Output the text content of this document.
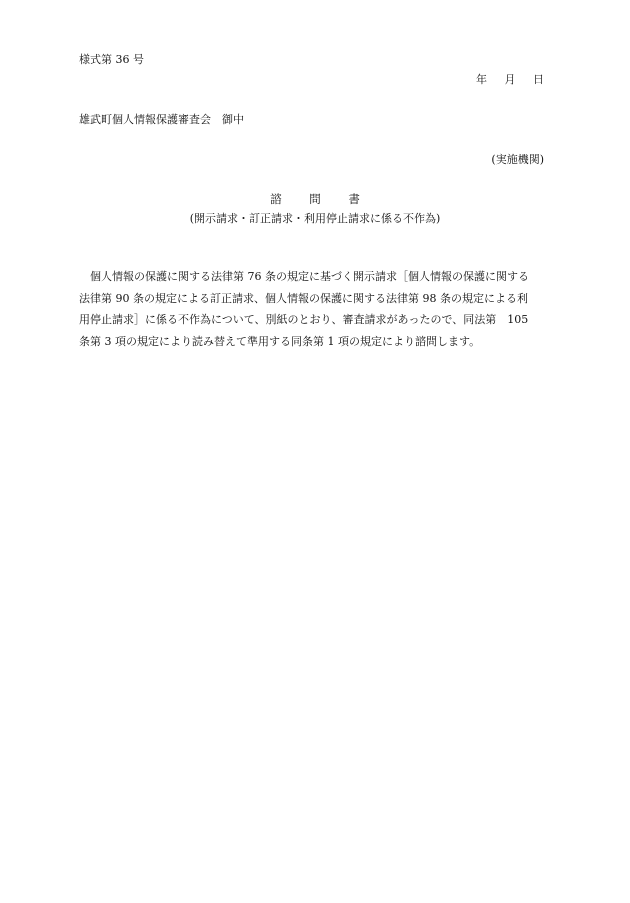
様式第 36 号
年 月 日
雄武町個人情報保護審査会　御中
(実施機関)
諮 問 書
(開示請求・訂正請求・利用停止請求に係る不作為)
　個人情報の保護に関する法律第 76 条の規定に基づく開示請求［個人情報の保護に関する
法律第 90 条の規定による訂正請求、個人情報の保護に関する法律第 98 条の規定による利
用停止請求］に係る不作為について、別紙のとおり、審査請求があったので、同法第　105
条第 3 項の規定により読み替えて準用する同条第 1 項の規定により諮問します。
